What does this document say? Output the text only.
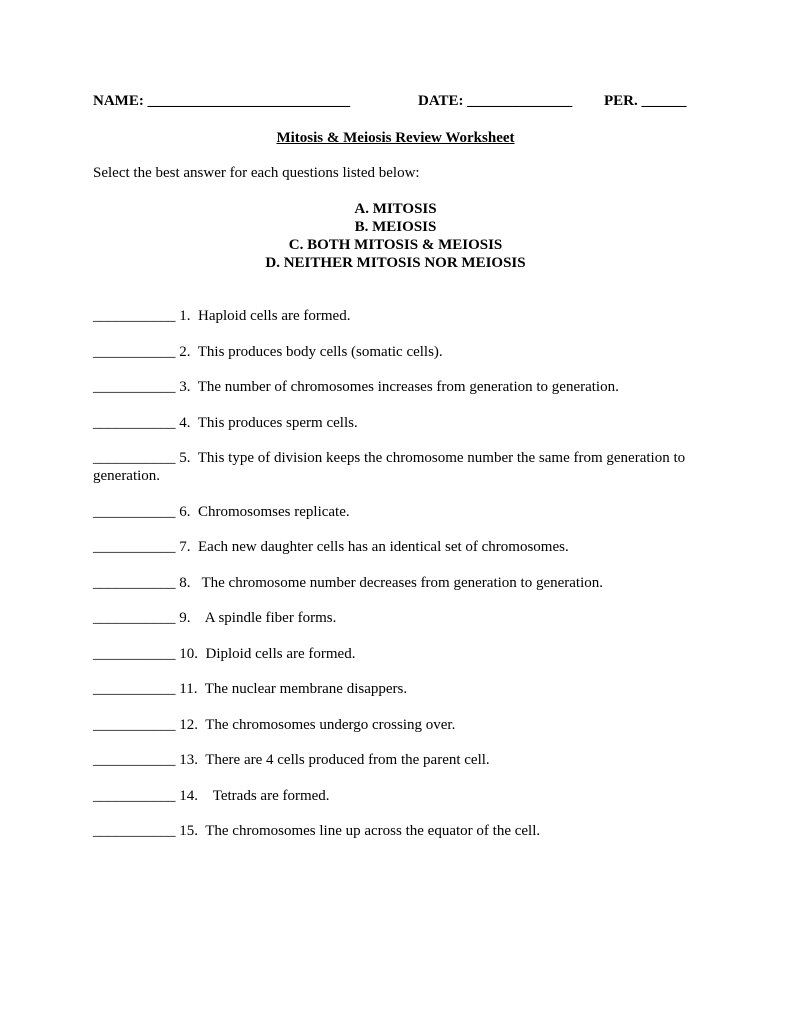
NAME: ___________________________	DATE: ______________ PER. ______
Mitosis & Meiosis Review Worksheet
Select the best answer for each questions listed below:
A. MITOSIS
B. MEIOSIS
C. BOTH MITOSIS & MEIOSIS
D. NEITHER MITOSIS NOR MEIOSIS
___________ 1.  Haploid cells are formed.
___________ 2.  This produces body cells (somatic cells).
___________ 3.  The number of chromosomes increases from generation to generation.
___________ 4.  This produces sperm cells.
___________ 5.  This type of division keeps the chromosome number the same from generation to generation.
___________ 6.  Chromosomses replicate.
___________ 7.  Each new daughter cells has an identical set of chromosomes.
___________ 8.   The chromosome number decreases from generation to generation.
___________ 9.    A spindle fiber forms.
___________ 10.  Diploid cells are formed.
___________ 11.  The nuclear membrane disappers.
___________ 12.  The chromosomes undergo crossing over.
___________ 13.  There are 4 cells produced from the parent cell.
___________ 14.    Tetrads are formed.
___________ 15.  The chromosomes line up across the equator of the cell.
